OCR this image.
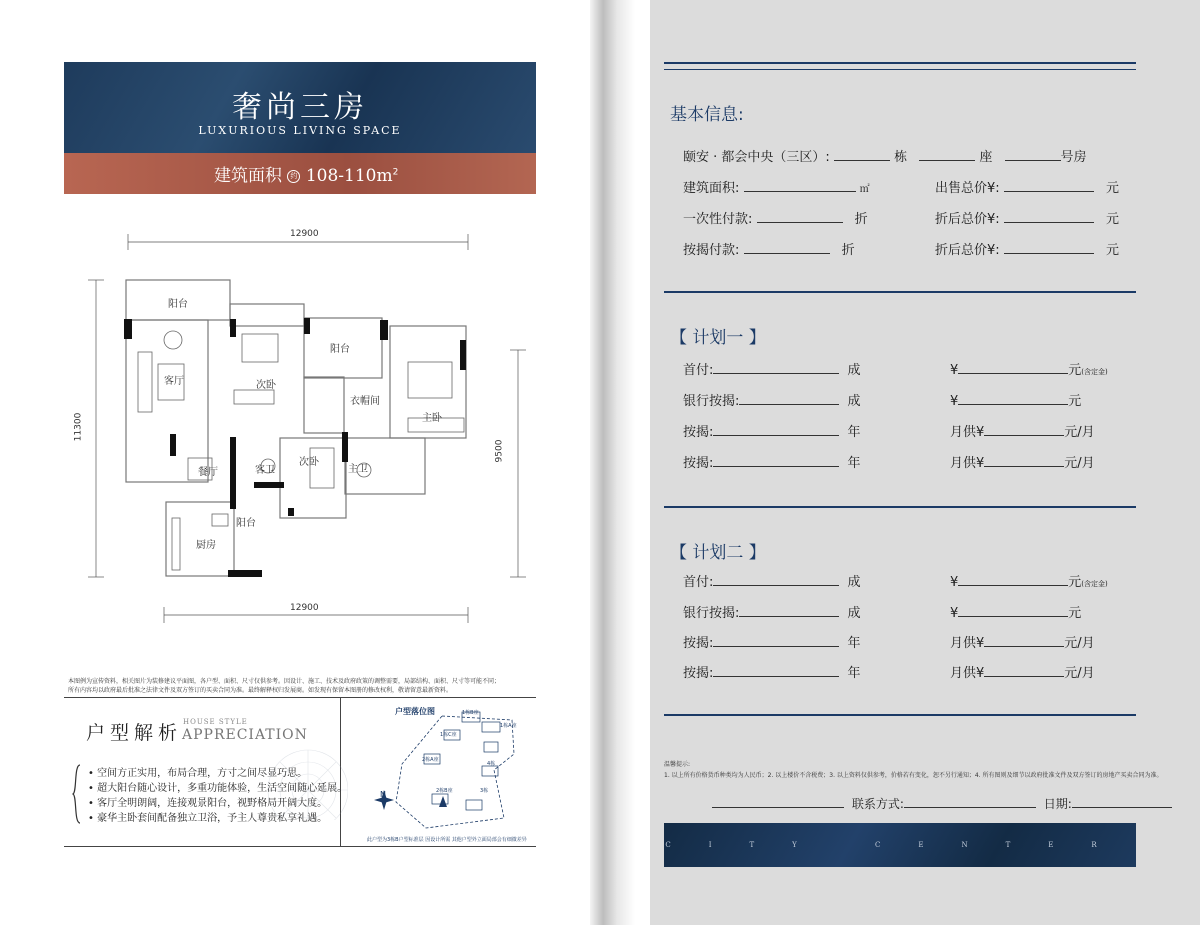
奢尚三房
LUXURIOUS LIVING SPACE
建筑面积 约 $108-110m^2$
12900
12900
11300
9500
阳台
客厅	次卧
阳台
衣帽间
主卧
餐厅	客卫
次卧
主卫
阳台
厨房
本图例为宣传资料，相关图片为装修建议平面图，各户型、面积、尺寸仅供参考。因设计、施工、技术及政府政策的调整需要，局部结构、面积、尺寸等可能不同；
所有内容均以政府最后批准之法律文件及双方签订的买卖合同为准。最终解释权归发展商。如发现有保留本图册的修改权利，敬请留意最新资料。
户型解析 HOUSE STYLE
APPRECIATION
• 空间方正实用，布局合理，方寸之间尽显巧思。
• 超大阳台随心设计，多重功能体验，生活空间随心延展。
• 客厅全明朗阔，连接观景阳台，视野格局开阔大度。
• 豪华主卧套间配备独立卫浴，予主人尊贵私享礼遇。
户型落位图
N
1栋B座
1栋A座
1栋C座
2栋A座
4栋
2栋B座	3栋
此户型为3栋B户型标准层 因设计所需 其他户型外立面局部会有细微差异
基本信息:
颐安 · 都会中央（三区）:	栋	座	号房
建筑面积:	㎡	出售总价¥:	元
一次性付款:	折	折后总价¥:	元
按揭付款:	折	折后总价¥:	元
【 计划一 】
首付:	成	¥	元(含定金)
银行按揭:	成	¥	元
按揭:	年	月供¥	元/月
按揭:	年	月供¥	元/月
【 计划二 】
首付:	成	¥	元(含定金)
银行按揭:	成	¥	元
按揭:	年	月供¥	元/月
按揭:	年	月供¥	元/月
温馨提示:
1. 以上所有价格货币种类均为人民币；2. 以上楼价不含税费；3. 以上资料仅供参考，价格若有变化，恕不另行通知；4. 所有图则及细节以政府批准文件及双方签订的房地产买卖合同为准。
联系方式:	日期:
CITY CENTER
